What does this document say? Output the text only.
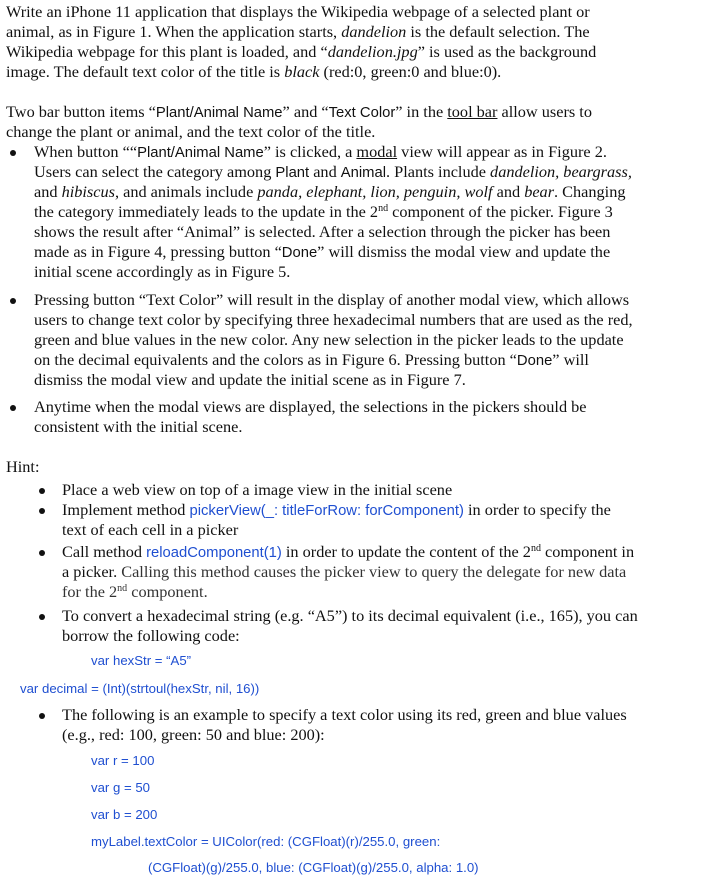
Write an iPhone 11 application that displays the Wikipedia webpage of a selected plant or
animal, as in Figure 1. When the application starts, dandelion is the default selection. The
Wikipedia webpage for this plant is loaded, and “dandelion.jpg” is used as the background
image. The default text color of the title is black (red:0, green:0 and blue:0).
Two bar button items “Plant/Animal Name” and “Text Color” in the tool bar allow users to
change the plant or animal, and the text color of the title.
When button ““Plant/Animal Name” is clicked, a modal view will appear as in Figure 2.
Users can select the category among Plant and Animal. Plants include dandelion, beargrass,
and hibiscus, and animals include panda, elephant, lion, penguin, wolf and bear. Changing
the category immediately leads to the update in the 2nd component of the picker. Figure 3
shows the result after “Animal” is selected. After a selection through the picker has been
made as in Figure 4, pressing button “Done” will dismiss the modal view and update the
initial scene accordingly as in Figure 5.
Pressing button “Text Color” will result in the display of another modal view, which allows
users to change text color by specifying three hexadecimal numbers that are used as the red,
green and blue values in the new color. Any new selection in the picker leads to the update
on the decimal equivalents and the colors as in Figure 6. Pressing button “Done” will
dismiss the modal view and update the initial scene as in Figure 7.
Anytime when the modal views are displayed, the selections in the pickers should be
consistent with the initial scene.
Hint:
Place a web view on top of a image view in the initial scene
Implement method pickerView(_: titleForRow: forComponent) in order to specify the
text of each cell in a picker
Call method reloadComponent(1) in order to update the content of the 2nd component in
a picker. Calling this method causes the picker view to query the delegate for new data
for the 2nd component.
To convert a hexadecimal string (e.g. “A5”) to its decimal equivalent (i.e., 165), you can
borrow the following code:
var hexStr = “A5”
var decimal = (Int)(strtoul(hexStr, nil, 16))
The following is an example to specify a text color using its red, green and blue values
(e.g., red: 100, green: 50 and blue: 200):
var r = 100
var g = 50
var b = 200
myLabel.textColor = UIColor(red: (CGFloat)(r)/255.0, green:
(CGFloat)(g)/255.0, blue: (CGFloat)(g)/255.0, alpha: 1.0)
